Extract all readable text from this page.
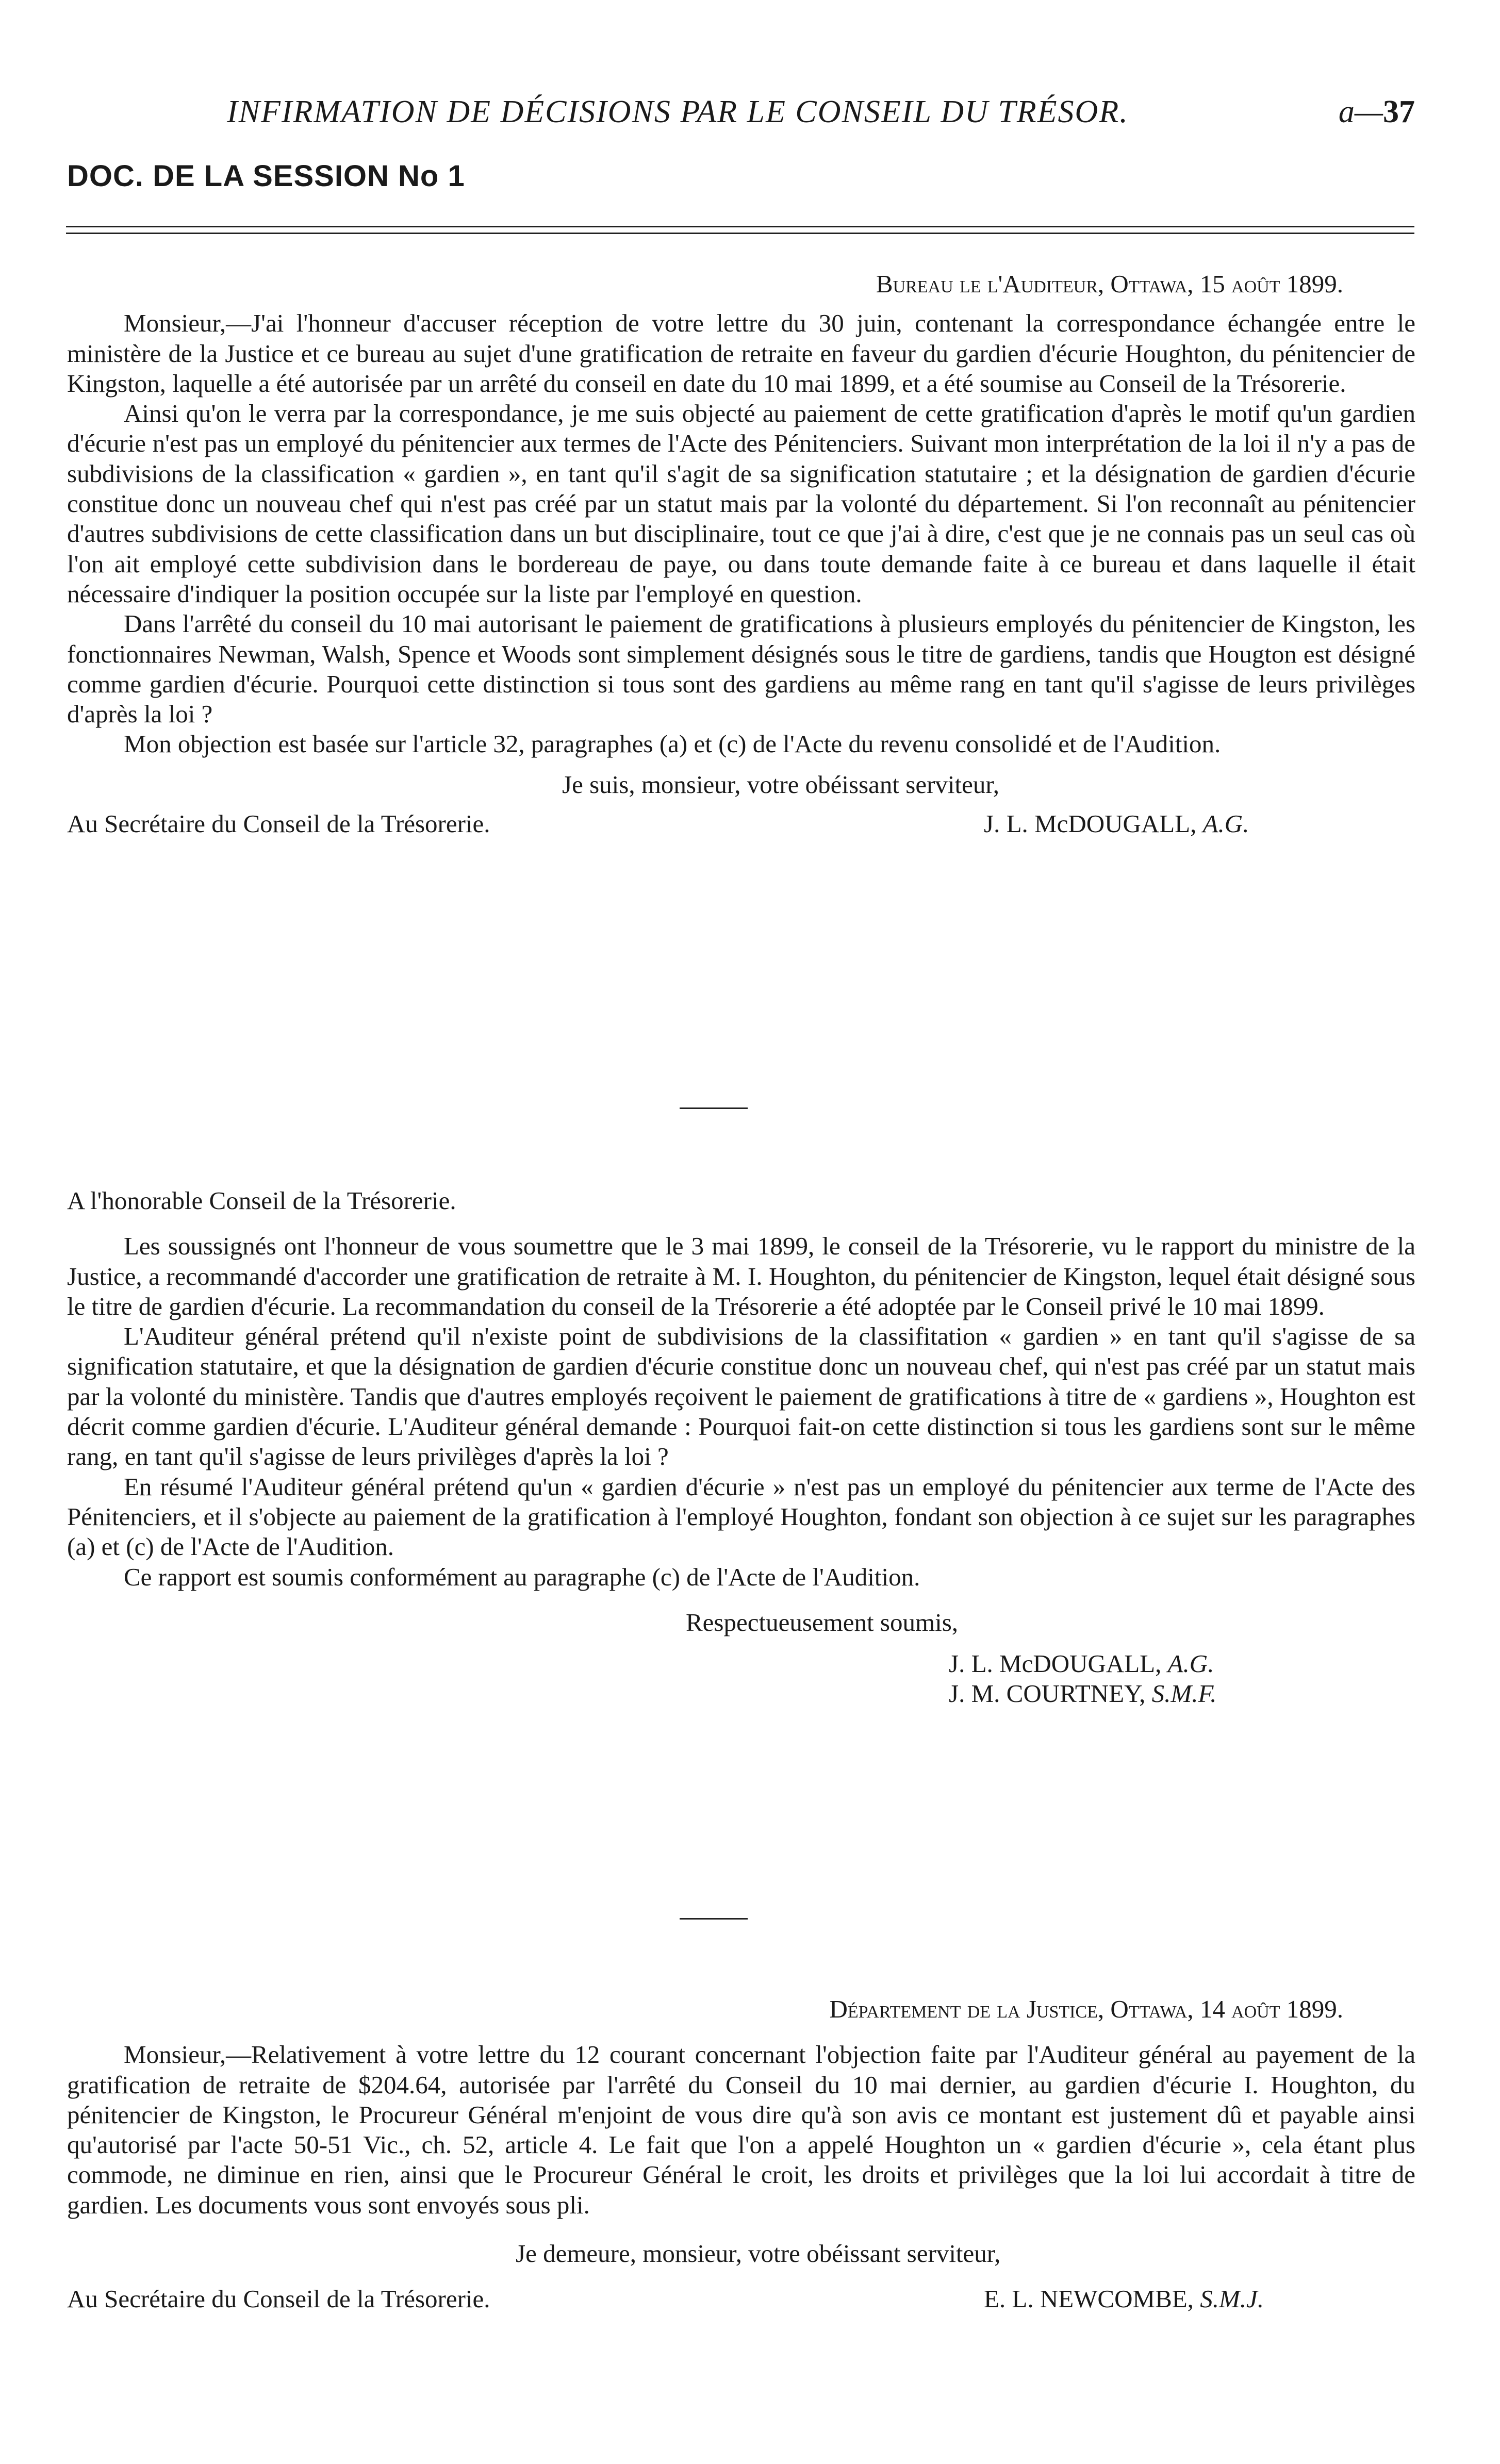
INFIRMATION DE DÉCISIONS PAR LE CONSEIL DU TRÉSOR.	a—37
DOC. DE LA SESSION No 1
Bureau le l'Auditeur, Ottawa, 15 août 1899.

Monsieur,—J'ai l'honneur d'accuser réception de votre lettre du 30 juin, contenant la correspondance échangée entre le ministère de la Justice et ce bureau au sujet d'une gratification de retraite en faveur du gardien d'écurie Houghton, du pénitencier de Kingston, laquelle a été autorisée par un arrêté du conseil en date du 10 mai 1899, et a été soumise au Conseil de la Trésorerie.

Ainsi qu'on le verra par la correspondance, je me suis objecté au paiement de cette gratification d'après le motif qu'un gardien d'écurie n'est pas un employé du pénitencier aux termes de l'Acte des Pénitenciers. Suivant mon interprétation de la loi il n'y a pas de subdivisions de la classification « gardien », en tant qu'il s'agit de sa signification statutaire ; et la désignation de gardien d'écurie constitue donc un nouveau chef qui n'est pas créé par un statut mais par la volonté du département. Si l'on reconnaît au pénitencier d'autres subdivisions de cette classification dans un but disciplinaire, tout ce que j'ai à dire, c'est que je ne connais pas un seul cas où l'on ait employé cette subdivision dans le bordereau de paye, ou dans toute demande faite à ce bureau et dans laquelle il était nécessaire d'indiquer la position occupée sur la liste par l'employé en question.

Dans l'arrêté du conseil du 10 mai autorisant le paiement de gratifications à plusieurs employés du pénitencier de Kingston, les fonctionnaires Newman, Walsh, Spence et Woods sont simplement désignés sous le titre de gardiens, tandis que Hougton est désigné comme gardien d'écurie. Pourquoi cette distinction si tous sont des gardiens au même rang en tant qu'il s'agisse de leurs privilèges d'après la loi ?

Mon objection est basée sur l'article 32, paragraphes (a) et (c) de l'Acte du revenu consolidé et de l'Audition.

Je suis, monsieur, votre obéissant serviteur,
Au Secrétaire du Conseil de la Trésorerie.	J. L. McDOUGALL, A.G.
A l'honorable Conseil de la Trésorerie.

Les soussignés ont l'honneur de vous soumettre que le 3 mai 1899, le conseil de la Trésorerie, vu le rapport du ministre de la Justice, a recommandé d'accorder une gratification de retraite à M. I. Houghton, du pénitencier de Kingston, lequel était désigné sous le titre de gardien d'écurie. La recommandation du conseil de la Trésorerie a été adoptée par le Conseil privé le 10 mai 1899.

L'Auditeur général prétend qu'il n'existe point de subdivisions de la classifitation « gardien » en tant qu'il s'agisse de sa signification statutaire, et que la désignation de gardien d'écurie constitue donc un nouveau chef, qui n'est pas créé par un statut mais par la volonté du ministère. Tandis que d'autres employés reçoivent le paiement de gratifications à titre de « gardiens », Houghton est décrit comme gardien d'écurie. L'Auditeur général demande : Pourquoi fait-on cette distinction si tous les gardiens sont sur le même rang, en tant qu'il s'agisse de leurs privilèges d'après la loi ?

En résumé l'Auditeur général prétend qu'un « gardien d'écurie » n'est pas un employé du pénitencier aux terme de l'Acte des Pénitenciers, et il s'objecte au paiement de la gratification à l'employé Houghton, fondant son objection à ce sujet sur les paragraphes (a) et (c) de l'Acte de l'Audition.

Ce rapport est soumis conformément au paragraphe (c) de l'Acte de l'Audition.

Respectueusement soumis,
J. L. McDOUGALL, A.G.
J. M. COURTNEY, S.M.F.
Département de la Justice, Ottawa, 14 août 1899.

Monsieur,—Relativement à votre lettre du 12 courant concernant l'objection faite par l'Auditeur général au payement de la gratification de retraite de $204.64, autorisée par l'arrêté du Conseil du 10 mai dernier, au gardien d'écurie I. Houghton, du pénitencier de Kingston, le Procureur Général m'enjoint de vous dire qu'à son avis ce montant est justement dû et payable ainsi qu'autorisé par l'acte 50-51 Vic., ch. 52, article 4. Le fait que l'on a appelé Houghton un « gardien d'écurie », cela étant plus commode, ne diminue en rien, ainsi que le Procureur Général le croit, les droits et privilèges que la loi lui accordait à titre de gardien. Les documents vous sont envoyés sous pli.

Je demeure, monsieur, votre obéissant serviteur,
Au Secrétaire du Conseil de la Trésorerie.	E. L. NEWCOMBE, S.M.J.
